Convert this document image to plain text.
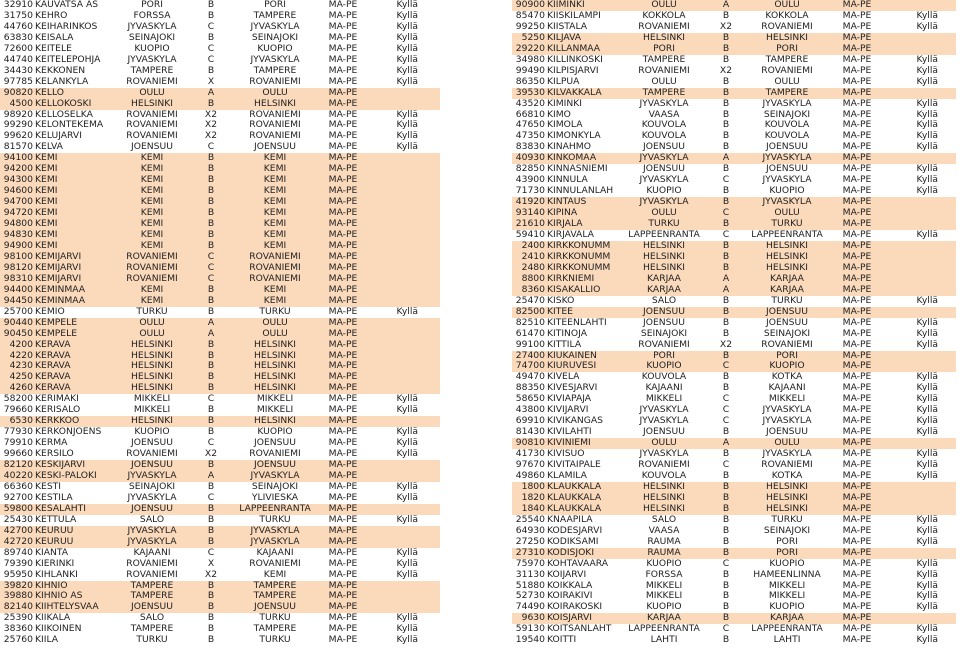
32910 KAUVATSA AS	PORI	B	PORI	MA-PE	Kyllä
31750 KEHRO	FORSSA	B	TAMPERE	MA-PE	Kyllä
44760 KEIHÄRINKOS	JYVÄSKYLÄ	C	JYVÄSKYLÄ	MA-PE	Kyllä
63830 KEISALA	SEINÄJOKI	B	SEINÄJOKI	MA-PE	Kyllä
72600 KEITELE	KUOPIO	C	KUOPIO	MA-PE	Kyllä
44740 KEITELEPOHJA	JYVÄSKYLÄ	C	JYVÄSKYLÄ	MA-PE	Kyllä
34430 KEKKONEN	TAMPERE	B	TAMPERE	MA-PE	Kyllä
97785 KELANKYLÄ	ROVANIEMI	X	ROVANIEMI	MA-PE	Kyllä
90820 KELLO	OULU	A	OULU	MA-PE
4500 KELLOKOSKI	HELSINKI	B	HELSINKI	MA-PE
98920 KELLOSELKÄ	ROVANIEMI	X2	ROVANIEMI	MA-PE	Kyllä
99290 KELONTEKEMÄ	ROVANIEMI	X2	ROVANIEMI	MA-PE	Kyllä
99620 KELUJÄRVI	ROVANIEMI	X2	ROVANIEMI	MA-PE	Kyllä
81570 KELVÄ	JOENSUU	C	JOENSUU	MA-PE	Kyllä
94100 KEMI	KEMI	B	KEMI	MA-PE
94200 KEMI	KEMI	B	KEMI	MA-PE
94300 KEMI	KEMI	B	KEMI	MA-PE
94600 KEMI	KEMI	B	KEMI	MA-PE
94700 KEMI	KEMI	B	KEMI	MA-PE
94720 KEMI	KEMI	B	KEMI	MA-PE
94800 KEMI	KEMI	B	KEMI	MA-PE
94830 KEMI	KEMI	B	KEMI	MA-PE
94900 KEMI	KEMI	B	KEMI	MA-PE
98100 KEMIJÄRVI	ROVANIEMI	C	ROVANIEMI	MA-PE
98120 KEMIJÄRVI	ROVANIEMI	C	ROVANIEMI	MA-PE
98310 KEMIJÄRVI	ROVANIEMI	C	ROVANIEMI	MA-PE
94400 KEMINMAA	KEMI	B	KEMI	MA-PE
94450 KEMINMAA	KEMI	B	KEMI	MA-PE
25700 KEMIÖ	TURKU	B	TURKU	MA-PE	Kyllä
90440 KEMPELE	OULU	A	OULU	MA-PE
90450 KEMPELE	OULU	A	OULU	MA-PE
4200 KERAVA	HELSINKI	B	HELSINKI	MA-PE
4220 KERAVA	HELSINKI	B	HELSINKI	MA-PE
4230 KERAVA	HELSINKI	B	HELSINKI	MA-PE
4250 KERAVA	HELSINKI	B	HELSINKI	MA-PE
4260 KERAVA	HELSINKI	B	HELSINKI	MA-PE
58200 KERIMÄKI	MIKKELI	C	MIKKELI	MA-PE	Kyllä
79660 KERISALO	MIKKELI	B	MIKKELI	MA-PE	Kyllä
6530 KERKKOO	HELSINKI	B	HELSINKI	MA-PE
77930 KERKONJOENS	KUOPIO	B	KUOPIO	MA-PE	Kyllä
79910 KERMA	JOENSUU	C	JOENSUU	MA-PE	Kyllä
99660 KERSILÖ	ROVANIEMI	X2	ROVANIEMI	MA-PE	Kyllä
82120 KESKIJÄRVI	JOENSUU	B	JOENSUU	MA-PE
40220 KESKI-PALOKI	JYVÄSKYLÄ	A	JYVÄSKYLÄ	MA-PE
66360 KESTI	SEINÄJOKI	B	SEINÄJOKI	MA-PE	Kyllä
92700 KESTILÄ	JYVÄSKYLÄ	C	YLIVIESKA	MA-PE	Kyllä
59800 KESÄLAHTI	JOENSUU	B	LAPPEENRANTA	MA-PE
25430 KETTULA	SALO	B	TURKU	MA-PE	Kyllä
42700 KEURUU	JYVÄSKYLÄ	B	JYVÄSKYLÄ	MA-PE
42720 KEURUU	JYVÄSKYLÄ	B	JYVÄSKYLÄ	MA-PE
89740 KIANTA	KAJAANI	C	KAJAANI	MA-PE	Kyllä
79390 KIERINKI	ROVANIEMI	X	ROVANIEMI	MA-PE	Kyllä
95950 KIHLANKI	ROVANIEMI	X2	KEMI	MA-PE	Kyllä
39820 KIHNIÖ	TAMPERE	B	TAMPERE	MA-PE
39880 KIHNIÖ AS	TAMPERE	B	TAMPERE	MA-PE
82140 KIIHTELYSVAA	JOENSUU	B	JOENSUU	MA-PE
25390 KIIKALA	SALO	B	TURKU	MA-PE	Kyllä
38360 KIIKOINEN	TAMPERE	B	TAMPERE	MA-PE	Kyllä
25760 KIILA	TURKU	B	TURKU	MA-PE	Kyllä
90900 KIIMINKI	OULU	A	OULU	MA-PE
85470 KIISKILAMPI	KOKKOLA	B	KOKKOLA	MA-PE	Kyllä
99250 KIISTALA	ROVANIEMI	X2	ROVANIEMI	MA-PE	Kyllä
5250 KILJAVA	HELSINKI	B	HELSINKI	MA-PE
29220 KILLANMAA	PORI	B	PORI	MA-PE
34980 KILLINKOSKI	TAMPERE	B	TAMPERE	MA-PE	Kyllä
99490 KILPISJÄRVI	ROVANIEMI	X2	ROVANIEMI	MA-PE	Kyllä
86350 KILPUA	OULU	B	OULU	MA-PE	Kyllä
39530 KILVAKKALA	TAMPERE	B	TAMPERE	MA-PE
43520 KIMINKI	JYVÄSKYLÄ	B	JYVÄSKYLÄ	MA-PE	Kyllä
66810 KIMO	VAASA	B	SEINÄJOKI	MA-PE	Kyllä
47650 KIMOLA	KOUVOLA	B	KOUVOLA	MA-PE	Kyllä
47350 KIMONKYLÄ	KOUVOLA	B	KOUVOLA	MA-PE	Kyllä
83830 KINAHMO	JOENSUU	B	JOENSUU	MA-PE	Kyllä
40930 KINKOMAA	JYVÄSKYLÄ	A	JYVÄSKYLÄ	MA-PE
82850 KINNASNIEMI	JOENSUU	B	JOENSUU	MA-PE	Kyllä
43900 KINNULA	JYVÄSKYLÄ	C	JYVÄSKYLÄ	MA-PE	Kyllä
71730 KINNULANLAH	KUOPIO	B	KUOPIO	MA-PE	Kyllä
41920 KINTAUS	JYVÄSKYLÄ	B	JYVÄSKYLÄ	MA-PE
93140 KIPINÄ	OULU	C	OULU	MA-PE
21610 KIRJALA	TURKU	B	TURKU	MA-PE
59410 KIRJAVALA	LAPPEENRANTA	C	LAPPEENRANTA	MA-PE	Kyllä
2400 KIRKKONUMM	HELSINKI	B	HELSINKI	MA-PE
2410 KIRKKONUMM	HELSINKI	B	HELSINKI	MA-PE
2480 KIRKKONUMM	HELSINKI	B	HELSINKI	MA-PE
8800 KIRKNIEMI	KARJAA	A	KARJAA	MA-PE
8360 KISAKALLIO	KARJAA	A	KARJAA	MA-PE
25470 KISKO	SALO	B	TURKU	MA-PE	Kyllä
82500 KITEE	JOENSUU	B	JOENSUU	MA-PE
82510 KITEENLAHTI	JOENSUU	B	JOENSUU	MA-PE	Kyllä
61470 KITINOJA	SEINÄJOKI	B	SEINÄJOKI	MA-PE	Kyllä
99100 KITTILÄ	ROVANIEMI	X2	ROVANIEMI	MA-PE	Kyllä
27400 KIUKAINEN	PORI	B	PORI	MA-PE
74700 KIURUVESI	KUOPIO	C	KUOPIO	MA-PE
49470 KIVELÄ	KOUVOLA	B	KOTKA	MA-PE	Kyllä
88350 KIVESJÄRVI	KAJAANI	B	KAJAANI	MA-PE	Kyllä
58650 KIVIAPAJA	MIKKELI	C	MIKKELI	MA-PE	Kyllä
43800 KIVIJÄRVI	JYVÄSKYLÄ	C	JYVÄSKYLÄ	MA-PE	Kyllä
69910 KIVIKANGAS	JYVÄSKYLÄ	C	JYVÄSKYLÄ	MA-PE	Kyllä
81430 KIVILAHTI	JOENSUU	B	JOENSUU	MA-PE	Kyllä
90810 KIVINIEMI	OULU	A	OULU	MA-PE
41730 KIVISUO	JYVÄSKYLÄ	B	JYVÄSKYLÄ	MA-PE	Kyllä
97670 KIVITAIPALE	ROVANIEMI	C	ROVANIEMI	MA-PE	Kyllä
49860 KLAMILA	KOUVOLA	B	KOTKA	MA-PE	Kyllä
1800 KLAUKKALA	HELSINKI	B	HELSINKI	MA-PE
1820 KLAUKKALA	HELSINKI	B	HELSINKI	MA-PE
1840 KLAUKKALA	HELSINKI	B	HELSINKI	MA-PE
25540 KNAAPILA	SALO	B	TURKU	MA-PE	Kyllä
64930 KODESJÄRVI	VAASA	B	SEINÄJOKI	MA-PE	Kyllä
27250 KODIKSAMI	RAUMA	B	PORI	MA-PE	Kyllä
27310 KODISJOKI	RAUMA	B	PORI	MA-PE
75970 KOHTAVAARA	KUOPIO	C	KUOPIO	MA-PE	Kyllä
31130 KOIJÄRVI	FORSSA	B	HÄMEENLINNA	MA-PE	Kyllä
51880 KOIKKALA	MIKKELI	B	MIKKELI	MA-PE	Kyllä
52730 KOIRAKIVI	MIKKELI	B	MIKKELI	MA-PE	Kyllä
74490 KOIRAKOSKI	KUOPIO	B	KUOPIO	MA-PE	Kyllä
9630 KOISJÄRVI	KARJAA	B	KARJAA	MA-PE
59130 KOITSANLAHT	LAPPEENRANTA	C	LAPPEENRANTA	MA-PE	Kyllä
19540 KOITTI	LAHTI	B	LAHTI	MA-PE	Kyllä
